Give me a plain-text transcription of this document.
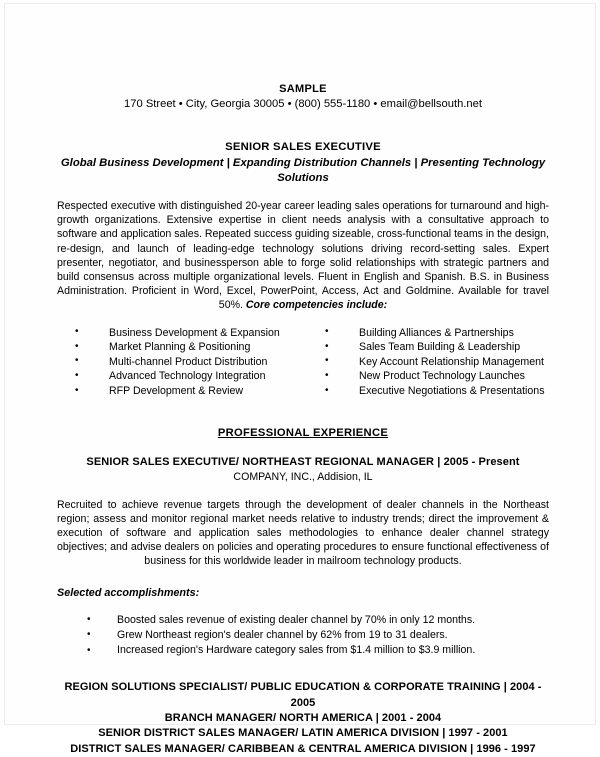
SAMPLE
170 Street • City, Georgia 30005 • (800) 555-1180 • email@bellsouth.net
SENIOR SALES EXECUTIVE
Global Business Development | Expanding Distribution Channels | Presenting Technology Solutions
Respected executive with distinguished 20-year career leading sales operations for turnaround and high-growth organizations. Extensive expertise in client needs analysis with a consultative approach to software and application sales. Repeated success guiding sizeable, cross-functional teams in the design, re-design, and launch of leading-edge technology solutions driving record-setting sales. Expert presenter, negotiator, and businessperson able to forge solid relationships with strategic partners and build consensus across multiple organizational levels. Fluent in English and Spanish. B.S. in Business Administration. Proficient in Word, Excel, PowerPoint, Access, Act and Goldmine. Available for travel 50%. Core competencies include:
• Business Development & Expansion
• Market Planning & Positioning
• Multi-channel Product Distribution
• Advanced Technology Integration
• RFP Development & Review
• Building Alliances & Partnerships
• Sales Team Building & Leadership
• Key Account Relationship Management
• New Product Technology Launches
• Executive Negotiations & Presentations
PROFESSIONAL EXPERIENCE
SENIOR SALES EXECUTIVE/ NORTHEAST REGIONAL MANAGER | 2005 - Present
COMPANY, INC., Addision, IL
Recruited to achieve revenue targets through the development of dealer channels in the Northeast region; assess and monitor regional market needs relative to industry trends; direct the improvement & execution of software and application sales methodologies to enhance dealer channel strategy objectives; and advise dealers on policies and operating procedures to ensure functional effectiveness of business for this worldwide leader in mailroom technology products.
Selected accomplishments:
• Boosted sales revenue of existing dealer channel by 70% in only 12 months.
• Grew Northeast region's dealer channel by 62% from 19 to 31 dealers.
• Increased region's Hardware category sales from $1.4 million to $3.9 million.
REGION SOLUTIONS SPECIALIST/ PUBLIC EDUCATION & CORPORATE TRAINING | 2004 - 2005
BRANCH MANAGER/ NORTH AMERICA | 2001 - 2004
SENIOR DISTRICT SALES MANAGER/ LATIN AMERICA DIVISION | 1997 - 2001
DISTRICT SALES MANAGER/ CARIBBEAN & CENTRAL AMERICA DIVISION | 1996 - 1997
